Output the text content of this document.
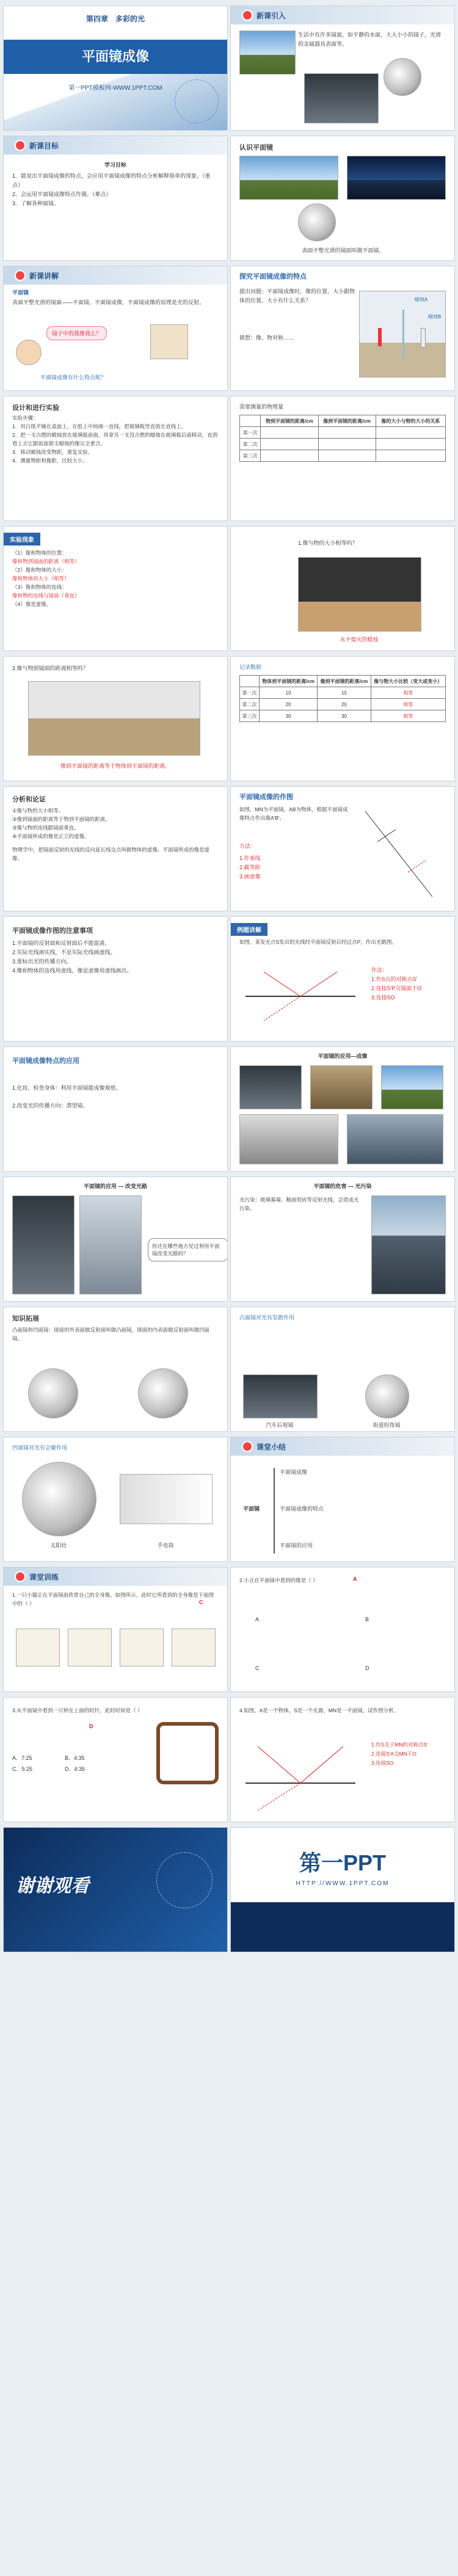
第四章　多彩的光
平面镜成像
第一PPT模板网-WWW.1PPT.COM
新课引入
生活中有许多镜面，如平静的水面，大大小小的镜子，光滑的金属器具表面等。
新课目标
学习目标
1．能说出平面镜成像的特点，会应用平面镜成像的特点分析解释简单的现象。（重点）
2．会运用平面镜成像特点作图。（难点）
3．了解各种面镜。
认识平面镜
表面平整光滑的镜面叫做平面镜。
新课讲解
平面镜
表面平整光滑的镜面——平面镜。平面镜成像，平面镜成像的原理是光的反射。
镜子中的我像我么？
平面镜成像有什么特点呢？
探究平面镜成像的特点
提出问题：平面镜成像时，像的位置、大小跟物体的位置、大小有什么关系？
猜想：像、物对称……
蜡烛A
蜡烛B
设计和进行实验
实验步骤：
1．用白纸平铺在桌面上，在纸上中间画一直线，把玻璃板竖直放在直线上。
2．把一支点燃的蜡烛放在玻璃板前面，再拿另一支没点燃的蜡烛在玻璃板后面移动，直到看上去它跟前面那支蜡烛的像完全重合。
3．移动蜡烛改变物距，重复实验。
4．测量物距和像距，比较大小。
需要测量的物理量
	物到平面镜的距离/cm	像到平面镜的距离/cm	像的大小与物的大小的关系
第一次			
第二次			
第三次			
实验现象
（1）像和物体的位置：
像和物到镜面的距离（相等）
（2）像和物体的大小：
像和物体的大小（相等）
（3）像和物体的连线：
像和物的连线与镜面（垂直）
（4）像是虚像。
1.像与物的大小相等吗？
永不熄灭的蜡烛
2.像与物到镜面的距离相等吗？
像到平面镜的距离等于物体到平面镜的距离。
记录数据
	物体到平面镜的距离/cm	像到平面镜的距离/cm	像与物大小比较（变大或变小）
第一次	10	10	相等
第二次	20	20	相等
第三次	30	30	相等
分析和论证
①像与物的大小相等。
②像到镜面的距离等于物到平面镜的距离。
③像与物的连线跟镜面垂直。
④平面镜所成的像是正立的虚像。
物理学中，把镜面反射的光线的反向延长线交点叫做物体的虚像。平面镜所成的像是虚像。
平面镜成像的作图
如图，MN为平面镜，AB为物体，根据平面镜成像特点作出像A'B'。
方法：
1.作垂线
2.截等距
3.画虚像
平面镜成像作图的注意事项
1.平面镜的反射面和反射面后不能混淆。
2.实际光线画实线，不是实际光线画虚线。
3.要标出光的传播方向。
4.像和物体的连线用虚线，像是虚像用虚线画出。
例题讲解
如图，某发光点S发出的光线经平面镜反射后经过点P，作出光路图。
作法：
1.作S点的对称点S'
2.连接S'P交镜面于O
3.连接SO
平面镜成像特点的应用
1.化妆、检查身体：利用平面镜能成像观察。
2.改变光的传播方向：潜望镜。
平面镜的应用—成像
平面镜的应用 — 改变光路
你还在哪些地方见过利用平面镜改变光路的？
平面镜的危害 — 光污染
光污染：玻璃幕墙、釉面瓷砖等反射光线，会造成光污染。
知识拓展
凸面镜和凹面镜：球面的外表面做反射面叫做凸面镜，球面的内表面做反射面叫做凹面镜。
凸面镜对光有发散作用
汽车后视镜	街道拐角镜
凹面镜对光有会聚作用
太阳灶	手电筒
课堂小结
平面镜
平面镜成像
平面镜成像的特点
平面镜的应用
课堂训练
1.一只小猫正在平面镜前欣赏自己的全身像，如图所示，此时它所看到的全身像是下面图中的（ ）	C
2.小丑在平面镜中看到的像是（ ）	A
A	B
C	D
3.从平面镜中看到一只钟在上面的时针，此时时间是（ ）
D
A．7:25
C．5:25
B．4:35
D．4:35
4.如图，A是一个物体，S是一个光源，MN是一平面镜，试作图分析。
1.作S关于MN的对称点S'
2.连接S'A交MN于O
3.连接SO
谢谢观看
第一PPT
HTTP://WWW.1PPT.COM
